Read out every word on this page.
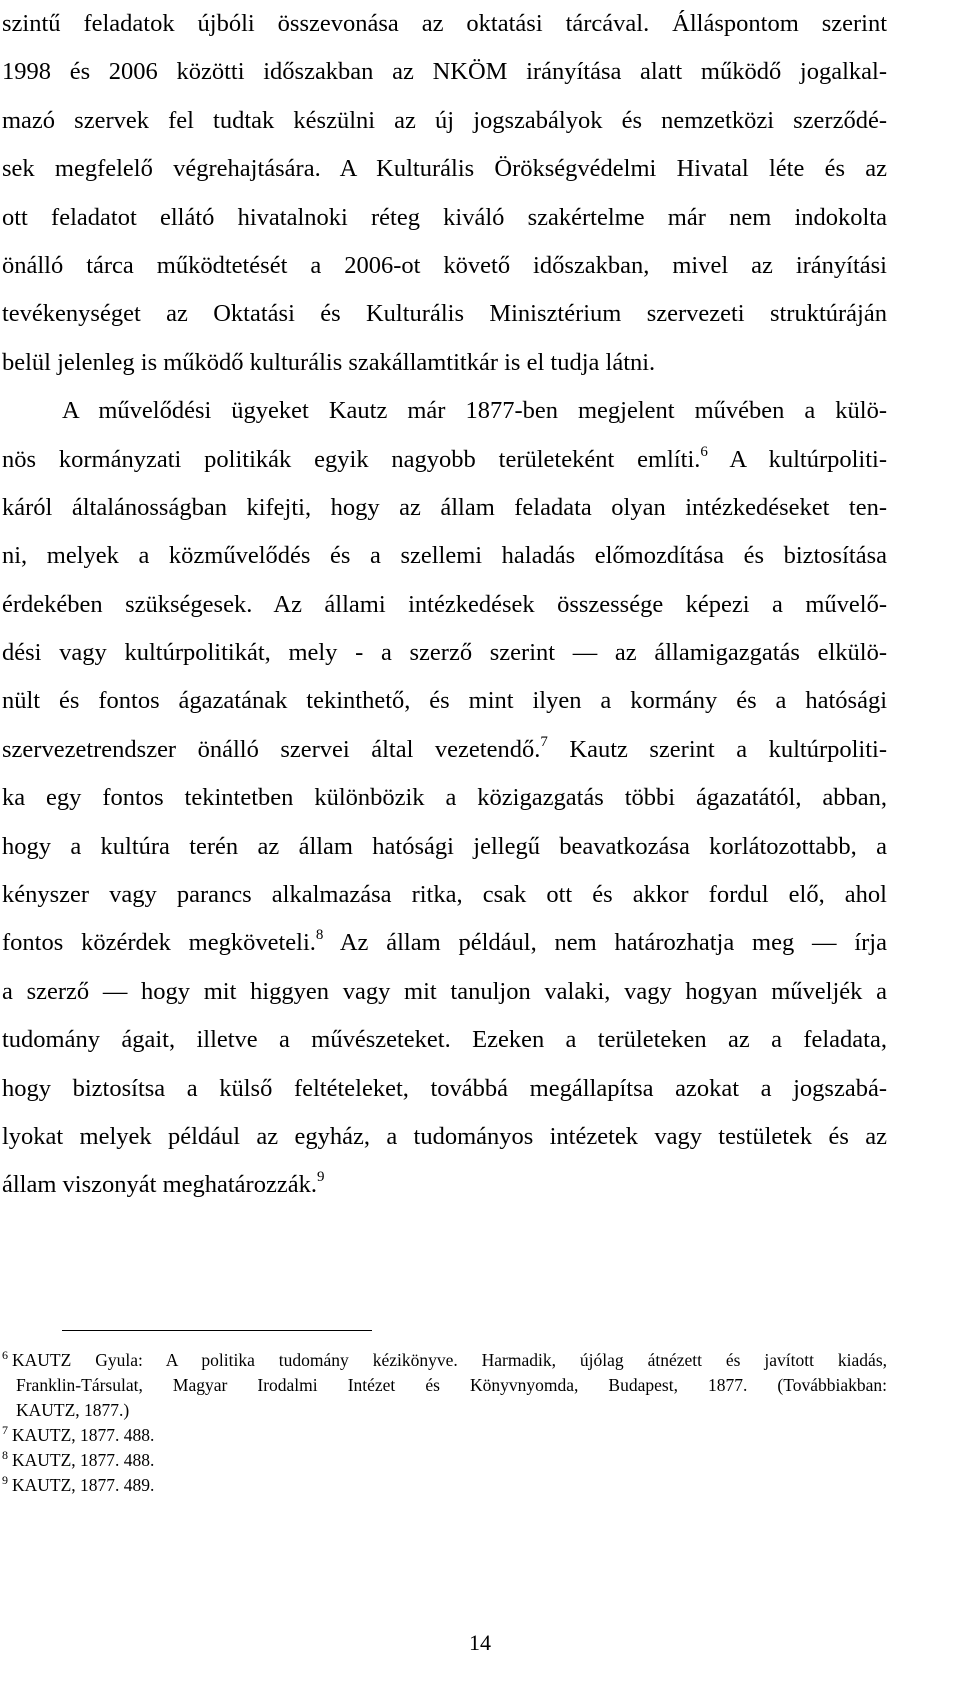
szintű feladatok újbóli összevonása az oktatási tárcával. Álláspontom szerint
1998 és 2006 közötti időszakban az NKÖM irányítása alatt működő jogalkal-
mazó szervek fel tudtak készülni az új jogszabályok és nemzetközi szerződé-
sek megfelelő végrehajtására. A Kulturális Örökségvédelmi Hivatal léte és az
ott feladatot ellátó hivatalnoki réteg kiváló szakértelme már nem indokolta
önálló tárca működtetését a 2006-ot követő időszakban, mivel az irányítási
tevékenységet az Oktatási és Kulturális Minisztérium szervezeti struktúráján
belül jelenleg is működő kulturális szakállamtitkár is el tudja látni.
A művelődési ügyeket Kautz már 1877-ben megjelent művében a külö-
nös kormányzati politikák egyik nagyobb területeként említi.$^6$ A kultúrpoliti-
káról általánosságban kifejti, hogy az állam feladata olyan intézkedéseket ten-
ni, melyek a közművelődés és a szellemi haladás előmozdítása és biztosítása
érdekében szükségesek. Az állami intézkedések összessége képezi a művelő-
dési vagy kultúrpolitikát, mely - a szerző szerint ― az államigazgatás elkülö-
nült és fontos ágazatának tekinthető, és mint ilyen a kormány és a hatósági
szervezetrendszer önálló szervei által vezetendő.$^7$ Kautz szerint a kultúrpoliti-
ka egy fontos tekintetben különbözik a közigazgatás többi ágazatától, abban,
hogy a kultúra terén az állam hatósági jellegű beavatkozása korlátozottabb, a
kényszer vagy parancs alkalmazása ritka, csak ott és akkor fordul elő, ahol
fontos közérdek megköveteli.$^8$ Az állam például, nem határozhatja meg ― írja
a szerző ― hogy mit higgyen vagy mit tanuljon valaki, vagy hogyan műveljék a
tudomány ágait, illetve a művészeteket. Ezeken a területeken az a feladata,
hogy biztosítsa a külső feltételeket, továbbá megállapítsa azokat a jogszabá-
lyokat melyek például az egyház, a tudományos intézetek vagy testületek és az
állam viszonyát meghatározzák.$^9$
$^6$ KAUTZ Gyula: A politika tudomány kézikönyve. Harmadik, újólag átnézett és javított kiadás,
Franklin-Társulat, Magyar Irodalmi Intézet és Könyvnyomda, Budapest, 1877. (Továbbiakban:
KAUTZ, 1877.)
$^7$ KAUTZ, 1877. 488.
$^8$ KAUTZ, 1877. 488.
$^9$ KAUTZ, 1877. 489.
14
